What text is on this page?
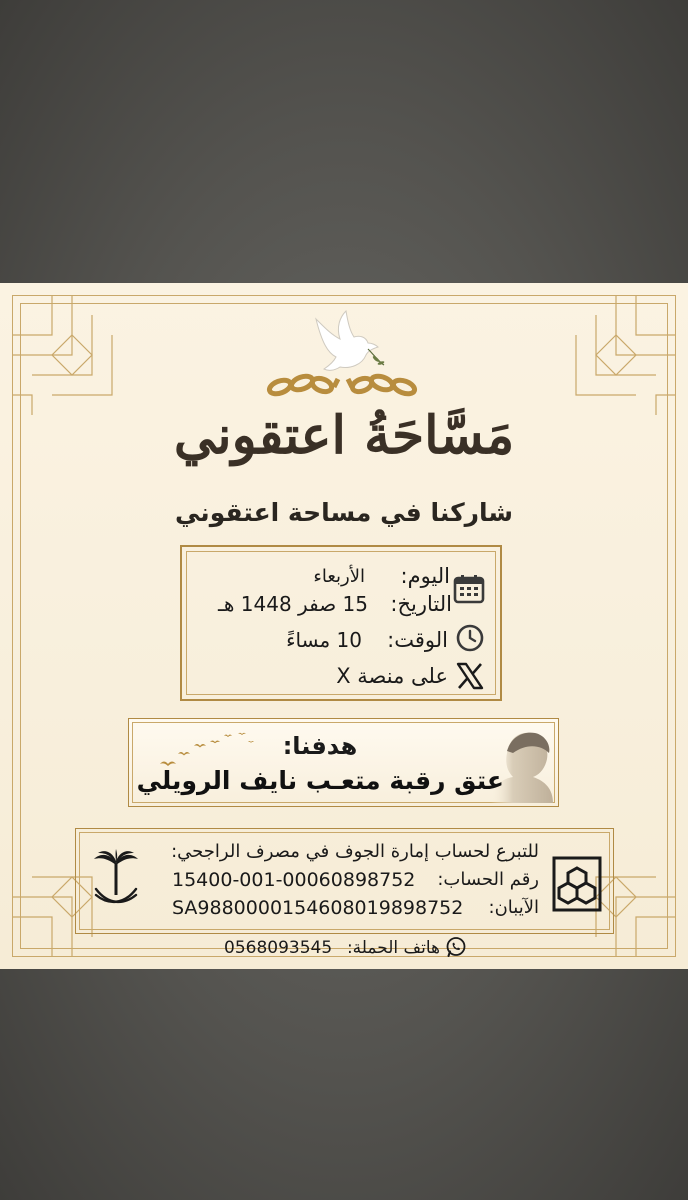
مَسَّاحَةُ اعتقوني
شاركنا في مساحة اعتقوني
اليوم:
الأربعاء
التاريخ:
15 صفر 1448 هـ
الوقت:
10 مساءً
على منصة X
هدفنا:
عتق رقبة متعـب نايف الرويلي
للتبرع لحساب إمارة الجوف في مصرف الراجحي:
رقم الحساب:
15400-001-00060898752
الآيبان:
SA9880000154608019898752
هاتف الحملة:
0568093545
